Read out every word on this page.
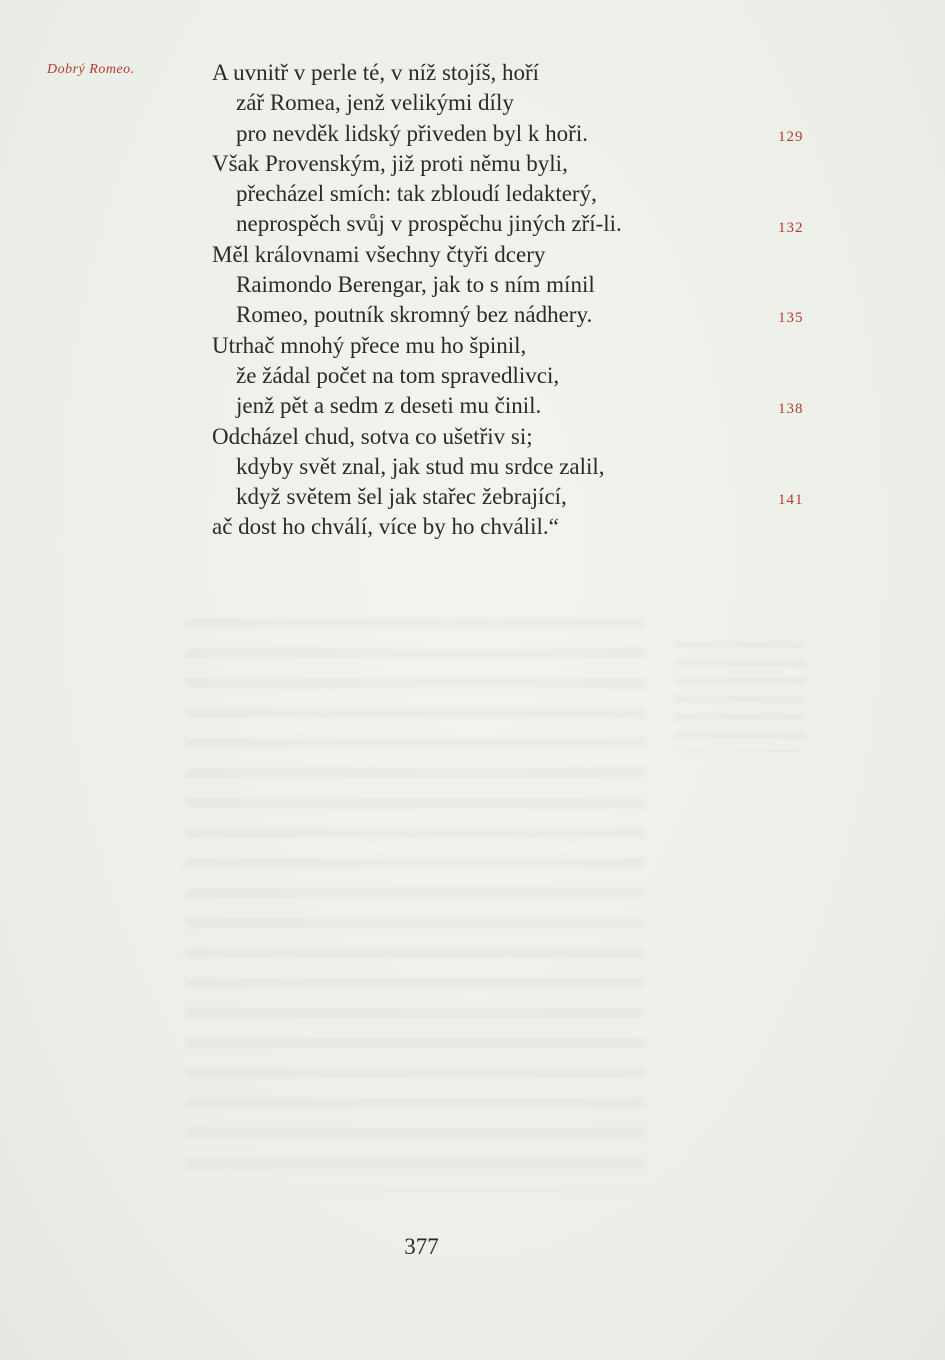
Dobrý Romeo.	A uvnitř v perle té, v níž stojíš, hoří
zář Romea, jenž velikými díly
pro nevděk lidský přiveden byl k hoři.
Však Provenským, již proti němu byli,
přecházel smích: tak zbloudí ledakterý,
neprospěch svůj v prospěchu jiných zří-li.
Měl královnami všechny čtyři dcery
Raimondo Berengar, jak to s ním mínil
Romeo, poutník skromný bez nádhery.
Utrhač mnohý přece mu ho špinil,
že žádal počet na tom spravedlivci,
jenž pět a sedm z deseti mu činil.
Odcházel chud, sotva co ušetřiv si;
kdyby svět znal, jak stud mu srdce zalil,
když světem šel jak stařec žebrající,
ač dost ho chválí, více by ho chválil.“
129
132
135
138
141
377
